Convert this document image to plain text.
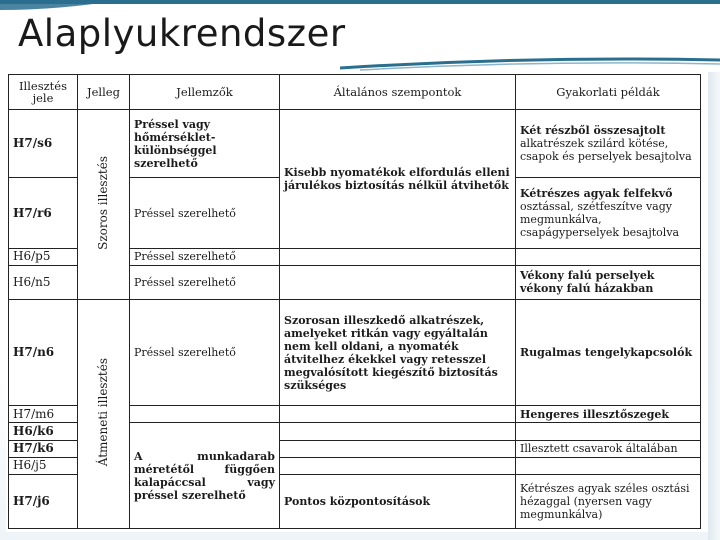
Alaplyukrendszer
Illesztés
jele	Jelleg	Jellemzők	Általános szempontok	Gyakorlati példák
H7/s6	Szoros illesztés	Préssel vagy hőmérséklet-különbséggel szerelhető	Kisebb nyomatékok elfordulás elleni járulékos biztosítás nélkül átvihetők	Két részből összesajtolt alkatrészek szilárd kötése, csapok és perselyek besajtolva
H7/r6		Préssel szerelhető		Kétrészes agyak felfekvő osztással, szétfeszítve vagy megmunkálva, csapágyperselyek besajtolva
H6/p5		Préssel szerelhető		
H6/n5		Préssel szerelhető		Vékony falú perselyek vékony falú házakban
H7/n6	Átmeneti illesztés	Préssel szerelhető	Szorosan illeszkedő alkatrészek, amelyeket ritkán vagy egyáltalán nem kell oldani, a nyomaték átvitelhez ékekkel vagy retesszel megvalósított kiegészítő biztosítás szükséges	Rugalmas tengelykapcsolók
H7/m6				Hengeres illesztőszegek
H6/k6		A munkadarab méretétől függően kalapáccsal vagy préssel szerelhető		
H7/k6				Illesztett csavarok általában
H6/j5				
H7/j6			Pontos központosítások	Kétrészes agyak széles osztási hézaggal (nyersen vagy megmunkálva)
